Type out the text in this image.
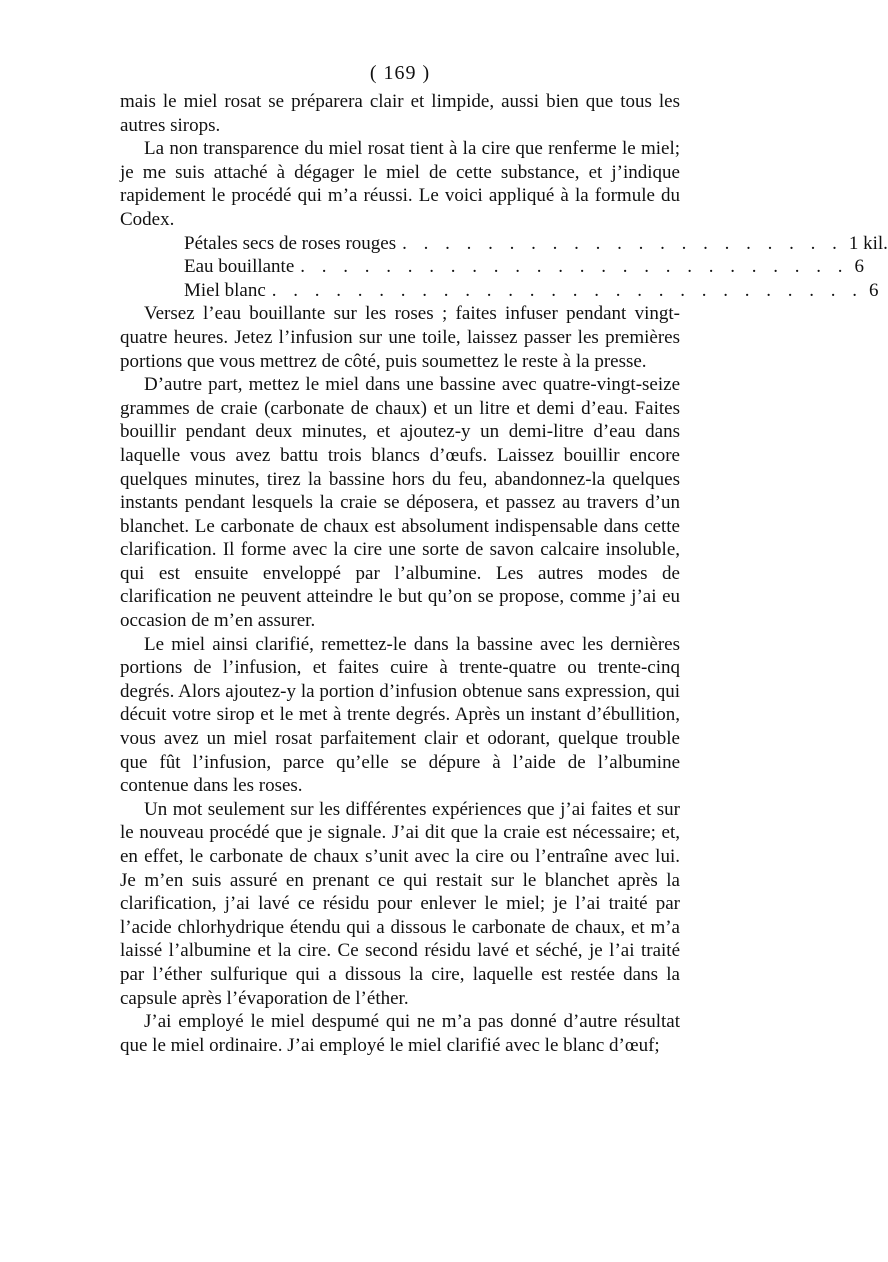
( 169 )

mais le miel rosat se préparera clair et limpide, aussi bien que tous les autres sirops.

La non transparence du miel rosat tient à la cire que renferme le miel; je me suis attaché à dégager le miel de cette substance, et j’indique rapidement le procédé qui m’a réussi. Le voici appliqué à la formule du Codex.

Pétales secs de roses rouges . . . . . . . . . . . . . . . . . . . . . 1 kil.
Eau bouillante . . . . . . . . . . . . . . . . . . . . . . . . . . 6
Miel blanc . . . . . . . . . . . . . . . . . . . . . . . . . . . . 6

Versez l’eau bouillante sur les roses ; faites infuser pendant vingt-quatre heures. Jetez l’infusion sur une toile, laissez passer les premières portions que vous mettrez de côté, puis soumettez le reste à la presse.

D’autre part, mettez le miel dans une bassine avec quatre-vingt-seize grammes de craie (carbonate de chaux) et un litre et demi d’eau. Faites bouillir pendant deux minutes, et ajoutez-y un demi-litre d’eau dans laquelle vous avez battu trois blancs d’œufs. Laissez bouillir encore quelques minutes, tirez la bassine hors du feu, abandonnez-la quelques instants pendant lesquels la craie se déposera, et passez au travers d’un blanchet. Le carbonate de chaux est absolument indispensable dans cette clarification. Il forme avec la cire une sorte de savon calcaire insoluble, qui est ensuite enveloppé par l’albumine. Les autres modes de clarification ne peuvent atteindre le but qu’on se propose, comme j’ai eu occasion de m’en assurer.

Le miel ainsi clarifié, remettez-le dans la bassine avec les dernières portions de l’infusion, et faites cuire à trente-quatre ou trente-cinq degrés. Alors ajoutez-y la portion d’infusion obtenue sans expression, qui décuit votre sirop et le met à trente degrés. Après un instant d’ébullition, vous avez un miel rosat parfaitement clair et odorant, quelque trouble que fût l’infusion, parce qu’elle se dépure à l’aide de l’albumine contenue dans les roses.

Un mot seulement sur les différentes expériences que j’ai faites et sur le nouveau procédé que je signale. J’ai dit que la craie est nécessaire; et, en effet, le carbonate de chaux s’unit avec la cire ou l’entraîne avec lui. Je m’en suis assuré en prenant ce qui restait sur le blanchet après la clarification, j’ai lavé ce résidu pour enlever le miel; je l’ai traité par l’acide chlorhydrique étendu qui a dissous le carbonate de chaux, et m’a laissé l’albumine et la cire. Ce second résidu lavé et séché, je l’ai traité par l’éther sulfurique qui a dissous la cire, laquelle est restée dans la capsule après l’évaporation de l’éther.

J’ai employé le miel despumé qui ne m’a pas donné d’autre résultat que le miel ordinaire. J’ai employé le miel clarifié avec le blanc d’œuf;
